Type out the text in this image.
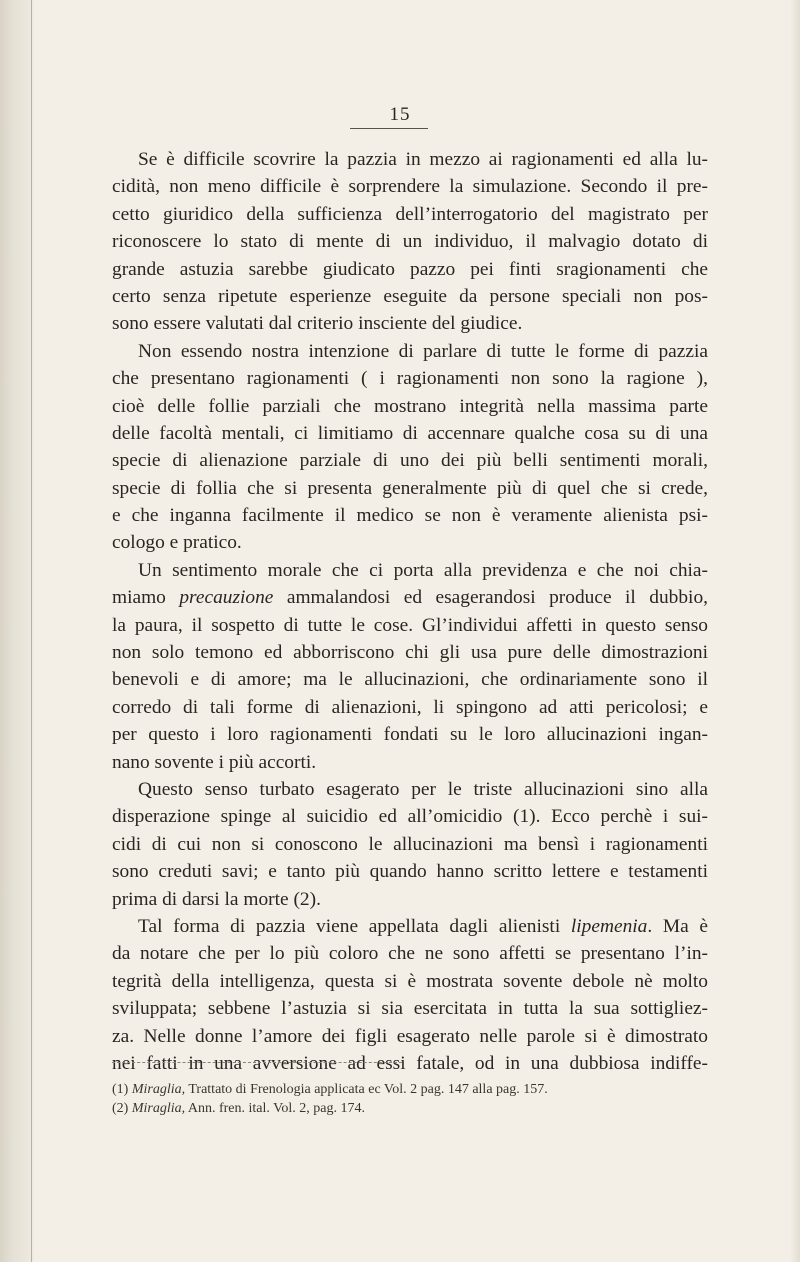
15
Se è difficile scovrire la pazzia in mezzo ai ragionamenti ed alla lu-
cidità, non meno difficile è sorprendere la simulazione. Secondo il pre-
cetto giuridico della sufficienza dell’interrogatorio del magistrato per
riconoscere lo stato di mente di un individuo, il malvagio dotato di
grande astuzia sarebbe giudicato pazzo pei finti sragionamenti che
certo senza ripetute esperienze eseguite da persone speciali non pos-
sono essere valutati dal criterio insciente del giudice.
Non essendo nostra intenzione di parlare di tutte le forme di pazzia
che presentano ragionamenti ( i ragionamenti non sono la ragione ),
cioè delle follie parziali che mostrano integrità nella massima parte
delle facoltà mentali, ci limitiamo di accennare qualche cosa su di una
specie di alienazione parziale di uno dei più belli sentimenti morali,
specie di follia che si presenta generalmente più di quel che si crede,
e che inganna facilmente il medico se non è veramente alienista psi-
cologo e pratico.
Un sentimento morale che ci porta alla previdenza e che noi chia-
miamo precauzione ammalandosi ed esagerandosi produce il dubbio,
la paura, il sospetto di tutte le cose. Gl’individui affetti in questo senso
non solo temono ed abborriscono chi gli usa pure delle dimostrazioni
benevoli e di amore; ma le allucinazioni, che ordinariamente sono il
corredo di tali forme di alienazioni, li spingono ad atti pericolosi; e
per questo i loro ragionamenti fondati su le loro allucinazioni ingan-
nano sovente i più accorti.
Questo senso turbato esagerato per le triste allucinazioni sino alla
disperazione spinge al suicidio ed all’omicidio (1). Ecco perchè i sui-
cidi di cui non si conoscono le allucinazioni ma bensì i ragionamenti
sono creduti savi; e tanto più quando hanno scritto lettere e testamenti
prima di darsi la morte (2).
Tal forma di pazzia viene appellata dagli alienisti lipemenia. Ma è
da notare che per lo più coloro che ne sono affetti se presentano l’in-
tegrità della intelligenza, questa si è mostrata sovente debole nè molto
sviluppata; sebbene l’astuzia si sia esercitata in tutta la sua sottigliez-
za. Nelle donne l’amore dei figli esagerato nelle parole si è dimostrato
nei fatti in una avversione ad essi fatale, od in una dubbiosa indiffe-
(1) Miraglia, Trattato di Frenologia applicata ec Vol. 2 pag. 147 alla pag. 157.
(2) Miraglia, Ann. fren. ital. Vol. 2, pag. 174.
